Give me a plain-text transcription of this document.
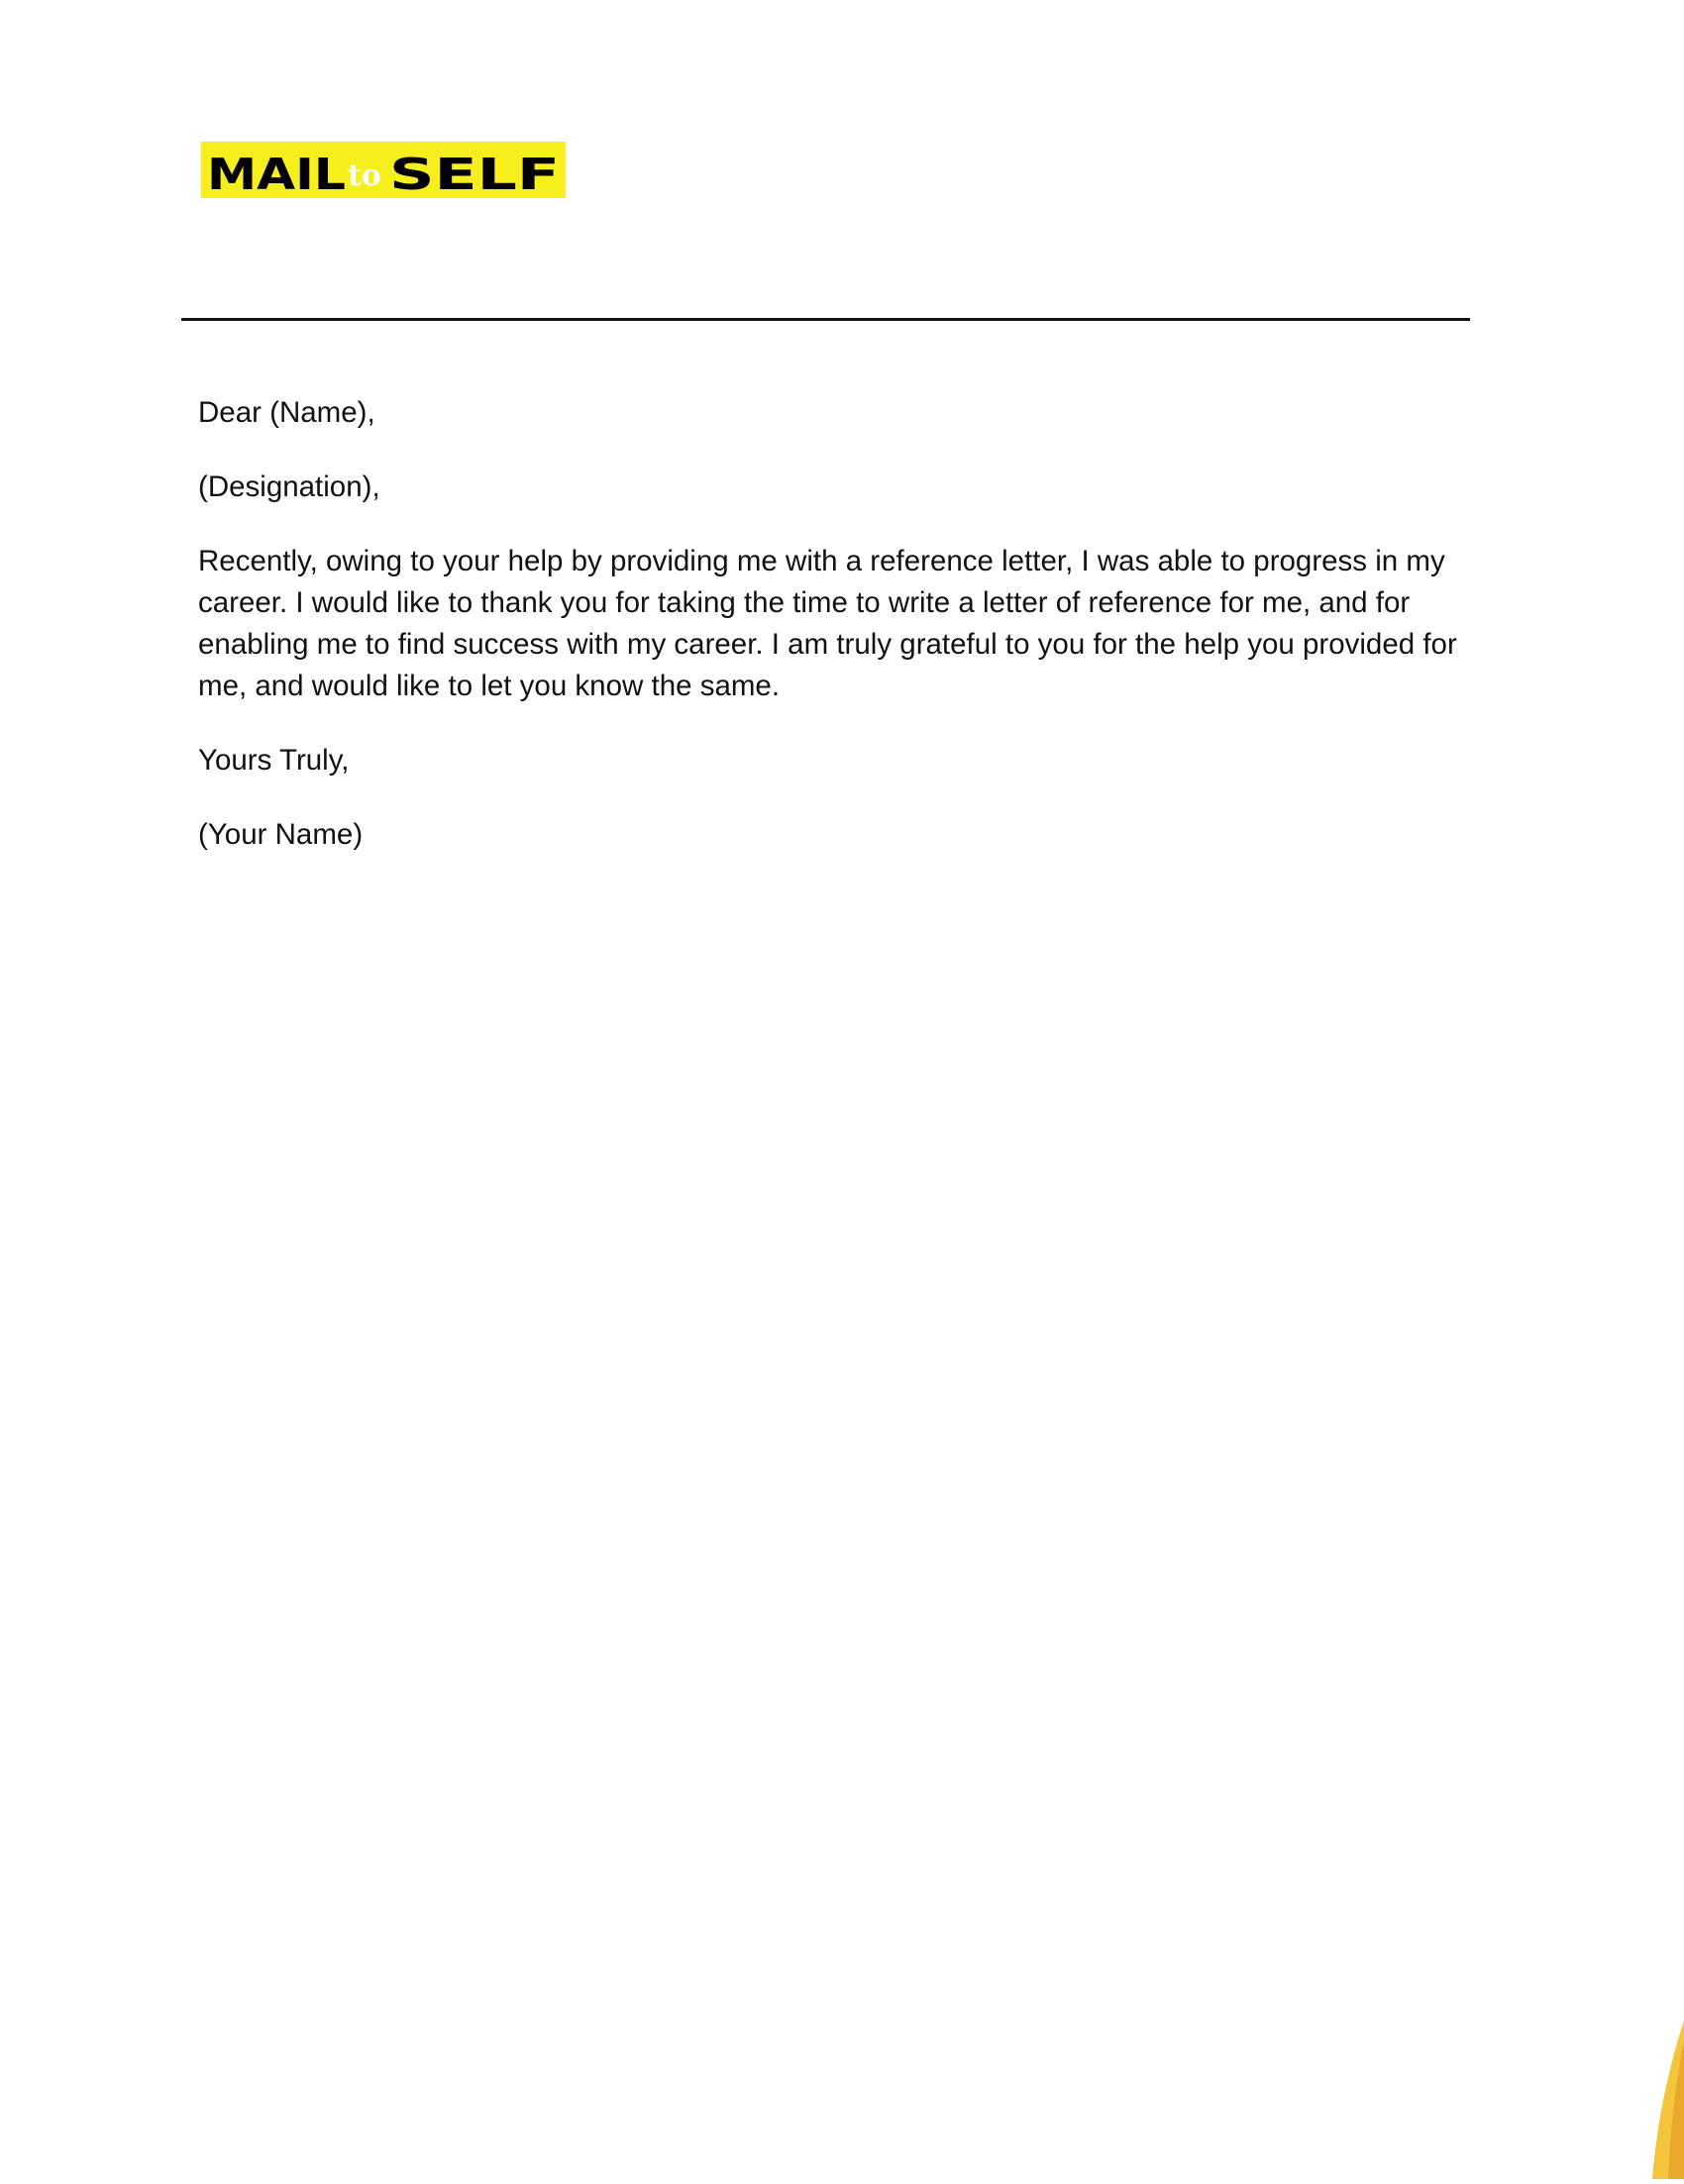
MAIL to SELF

Dear (Name),

(Designation),

Recently, owing to your help by providing me with a reference letter, I was able to progress in my career. I would like to thank you for taking the time to write a letter of reference for me, and for enabling me to find success with my career. I am truly grateful to you for the help you provided for me, and would like to let you know the same.

Yours Truly,

(Your Name)
